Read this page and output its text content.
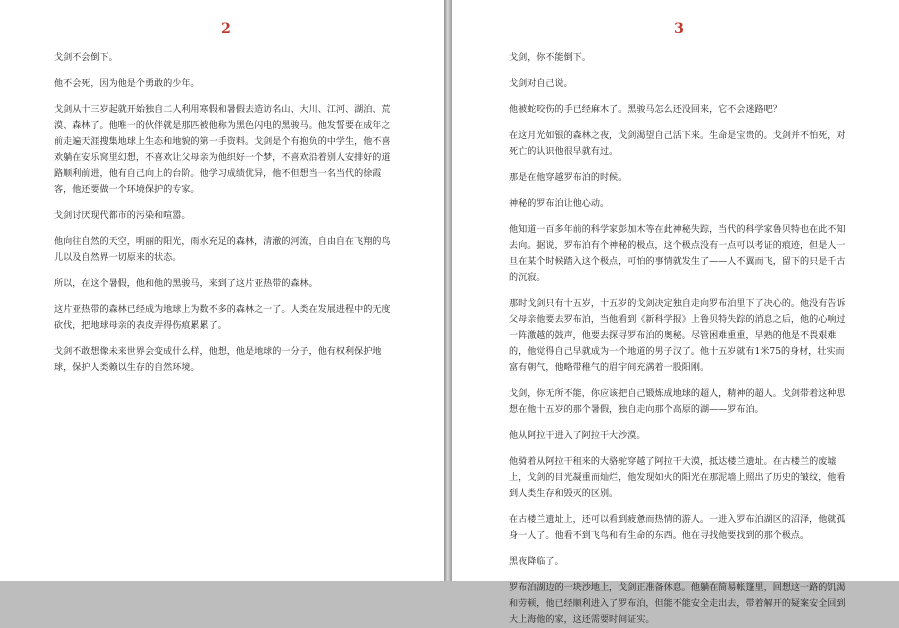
2

戈剑不会倒下。

他不会死，因为他是个勇敢的少年。

戈剑从十三岁起就开始独自二人利用寒假和暑假去造访名山、大川、江河、湖泊、荒漠、森林了。他唯一的伙伴就是那匹被他称为黑色闪电的黑骏马。他发誓要在成年之前走遍天涯搜集地球上生态和地貌的第一手资料。戈剑是个有抱负的中学生，他不喜欢躺在安乐窝里幻想，不喜欢让父母亲为他织好一个梦，不喜欢沿着别人安排好的道路顺利前进，他有自己向上的台阶。他学习成绩优异，他不但想当一名当代的徐霞客，他还要做一个环境保护的专家。

戈剑讨厌现代都市的污染和喧嚣。

他向往自然的天空，明丽的阳光，雨水充足的森林，清澈的河流，自由自在飞翔的鸟儿以及自然界一切原来的状态。

所以，在这个暑假，他和他的黑骏马，来到了这片亚热带的森林。

这片亚热带的森林已经成为地球上为数不多的森林之一了。人类在发展进程中的无度砍伐，把地球母亲的表皮弄得伤痕累累了。

戈剑不敢想像未来世界会变成什么样，他想，他是地球的一分子，他有权利保护地球，保护人类赖以生存的自然环境。

3

戈剑，你不能倒下。

戈剑对自己说。

他被蛇咬伤的手已经麻木了。黑骏马怎么还没回来，它不会迷路吧？

在这月光如银的森林之夜，戈剑渴望自己活下来。生命是宝贵的。戈剑并不怕死，对死亡的认识他很早就有过。

那是在他穿越罗布泊的时候。

神秘的罗布泊让他心动。

他知道一百多年前的科学家彭加木等在此神秘失踪，当代的科学家鲁贝特也在此不知去向。据说，罗布泊有个神秘的极点，这个极点没有一点可以考证的痕迹，但是人一旦在某个时候踏入这个极点，可怕的事情就发生了——人不翼而飞，留下的只是千古的沉寂。

那时戈剑只有十五岁，十五岁的戈剑决定独自走向罗布泊里下了决心的。他没有告诉父母亲他要去罗布泊，当他看到《新科学报》上鲁贝特失踪的消息之后，他的心响过一阵激越的鼓声，他要去探寻罗布泊的奥秘。尽管困难重重，早熟的他是不畏艰难的，他觉得自己早就成为一个地道的男子汉了。他十五岁就有1米75的身材，壮实而富有朝气，他略带稚气的眉宇间充满着一股阳刚。

戈剑，你无所不能，你应该把自己锻炼成地球的超人，精神的超人。戈剑带着这种思想在他十五岁的那个暑假，独自走向那个高原的湖——罗布泊。

他从阿拉干进入了阿拉干大沙漠。

他骑着从阿拉干租来的大骆驼穿越了阿拉干大漠，抵达楼兰遗址。在古楼兰的废墟上，戈剑的目光凝重而灿烂，他发现如火的阳光在那泥墙上照出了历史的皱纹，他看到人类生存和毁灭的区别。

在古楼兰遗址上，还可以看到疲惫而热情的游人。一进入罗布泊湖区的沼泽，他就孤身一人了。他看不到飞鸟和有生命的东西。他在寻找他要找到的那个极点。

黑夜降临了。

罗布泊湖边的一块沙地上，戈剑正准备休息。他躺在简易帐篷里，回想这一路的饥渴和劳顿，他已经顺利进入了罗布泊，但能不能安全走出去，带着解开的疑案安全回到大上海他的家，这还需要时间证实。
